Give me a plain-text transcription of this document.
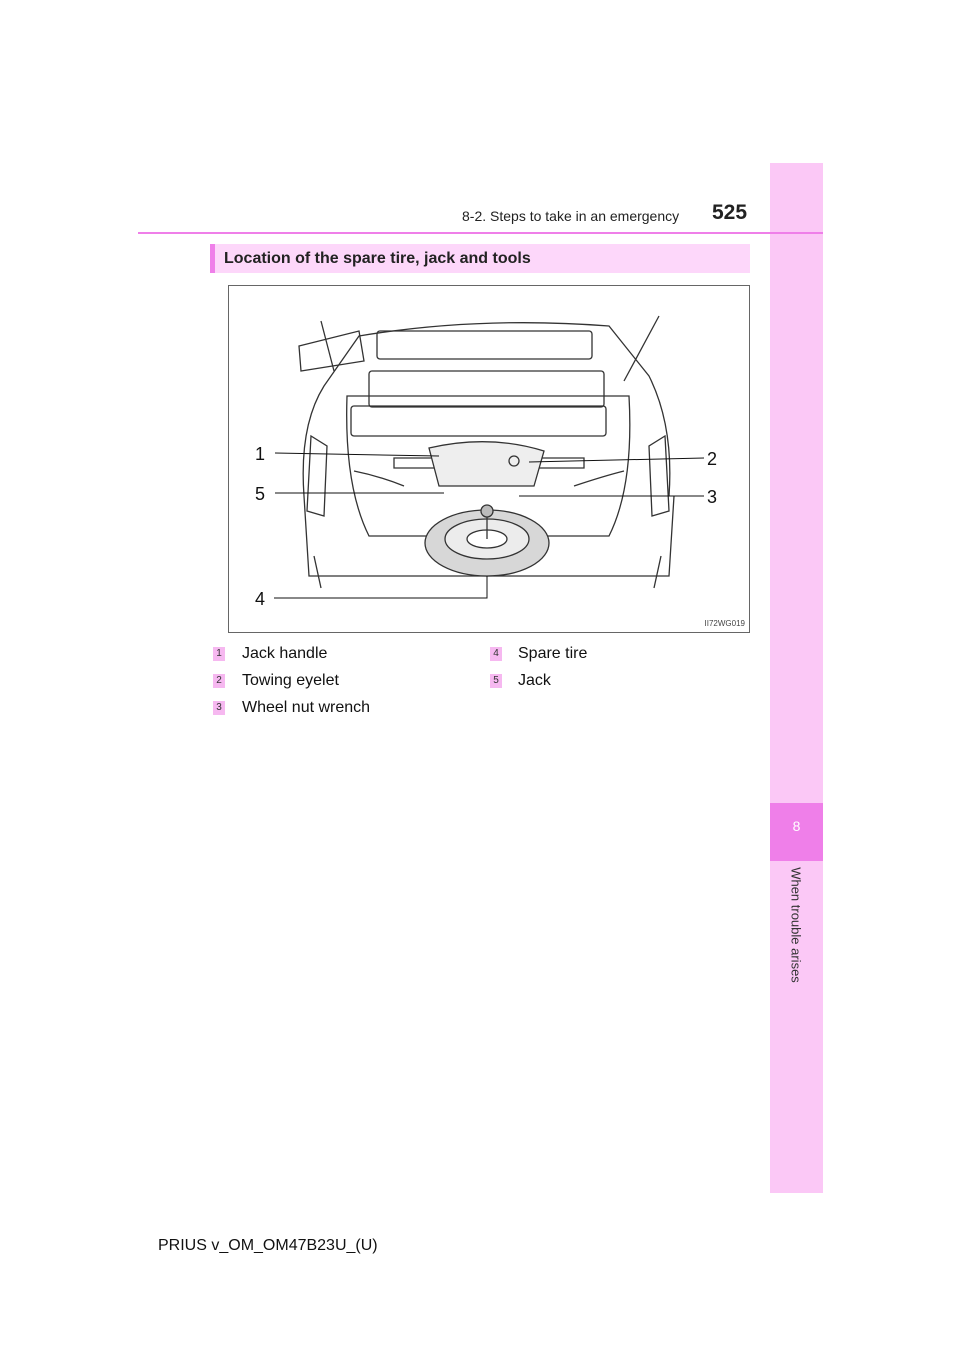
8
When trouble arises
8-2. Steps to take in an emergency 525
Location of the spare tire, jack and tools
1	2
5	3
4
II72WG019
1 Jack handle
2 Towing eyelet
3 Wheel nut wrench
4 Spare tire
5 Jack
PRIUS v_OM_OM47B23U_(U)
